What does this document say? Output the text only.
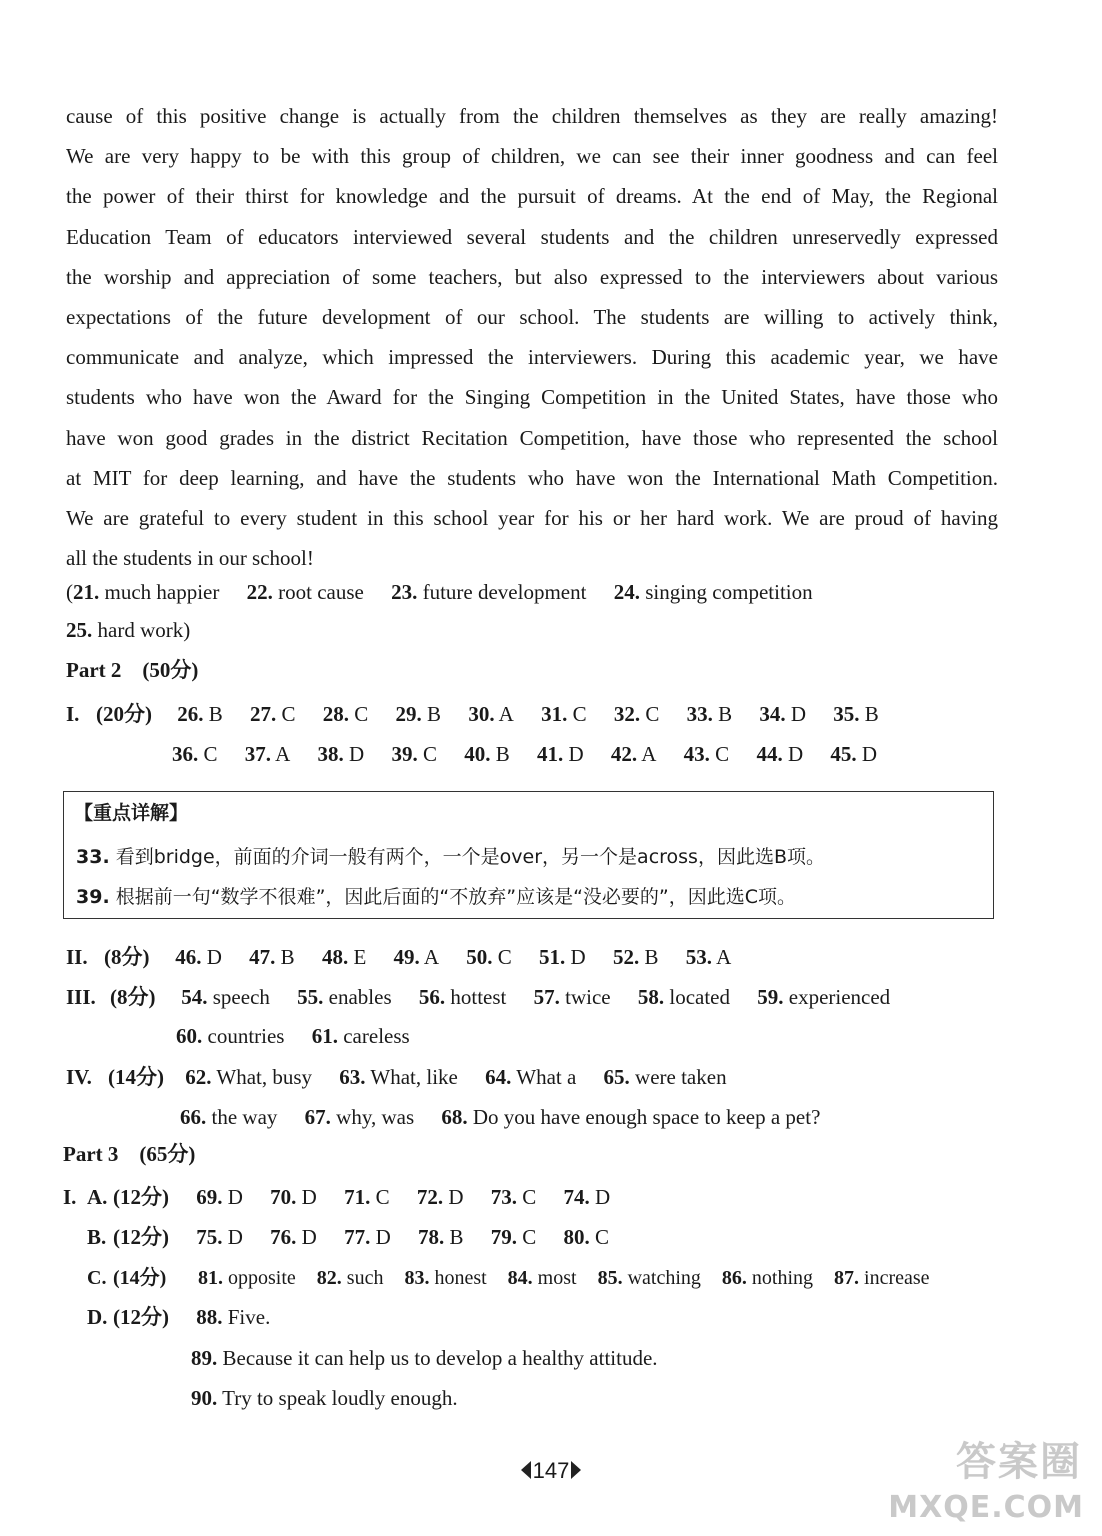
cause of this positive change is actually from the children themselves as they are really amazing!
We are very happy to be with this group of children, we can see their inner goodness and can feel
the power of their thirst for knowledge and the pursuit of dreams. At the end of May, the Regional
Education Team of educators interviewed several students and the children unreservedly expressed
the worship and appreciation of some teachers, but also expressed to the interviewers about various
expectations of the future development of our school. The students are willing to actively think,
communicate and analyze, which impressed the interviewers. During this academic year, we have
students who have won the Award for the Singing Competition in the United States, have those who
have won good grades in the district Recitation Competition, have those who represented the school
at MIT for deep learning, and have the students who have won the International Math Competition.
We are grateful to every student in this school year for his or her hard work. We are proud of having
all the students in our school!
(21. much happier 22. root cause 23. future development 24. singing competition
25. hard work)
Part 2 (50分)
I. (20分) 26. B 27. C 28. C 29. B 30. A 31. C 32. C 33. B 34. D 35. B
36. C 37. A 38. D 39. C 40. B 41. D 42. A 43. C 44. D 45. D
【重点详解】
33. 看到bridge，前面的介词一般有两个，一个是over，另一个是across，因此选B项。
39. 根据前一句“数学不很难”，因此后面的“不放弃”应该是“没必要的”，因此选C项。
II. (8分) 46. D 47. B 48. E 49. A 50. C 51. D 52. B 53. A
III. (8分) 54. speech 55. enables 56. hottest 57. twice 58. located 59. experienced
60. countries 61. careless
IV. (14分) 62. What, busy 63. What, like 64. What a 65. were taken
66. the way 67. why, was 68. Do you have enough space to keep a pet?
Part 3 (65分)
I. A. (12分) 69. D 70. D 71. C 72. D 73. C 74. D
B. (12分) 75. D 76. D 77. D 78. B 79. C 80. C
C. (14分) 81. opposite 82. such 83. honest 84. most 85. watching 86. nothing 87. increase
D. (12分) 88. Five.
89. Because it can help us to develop a healthy attitude.
90. Try to speak loudly enough.
147	答案圈
MXQE.COM
